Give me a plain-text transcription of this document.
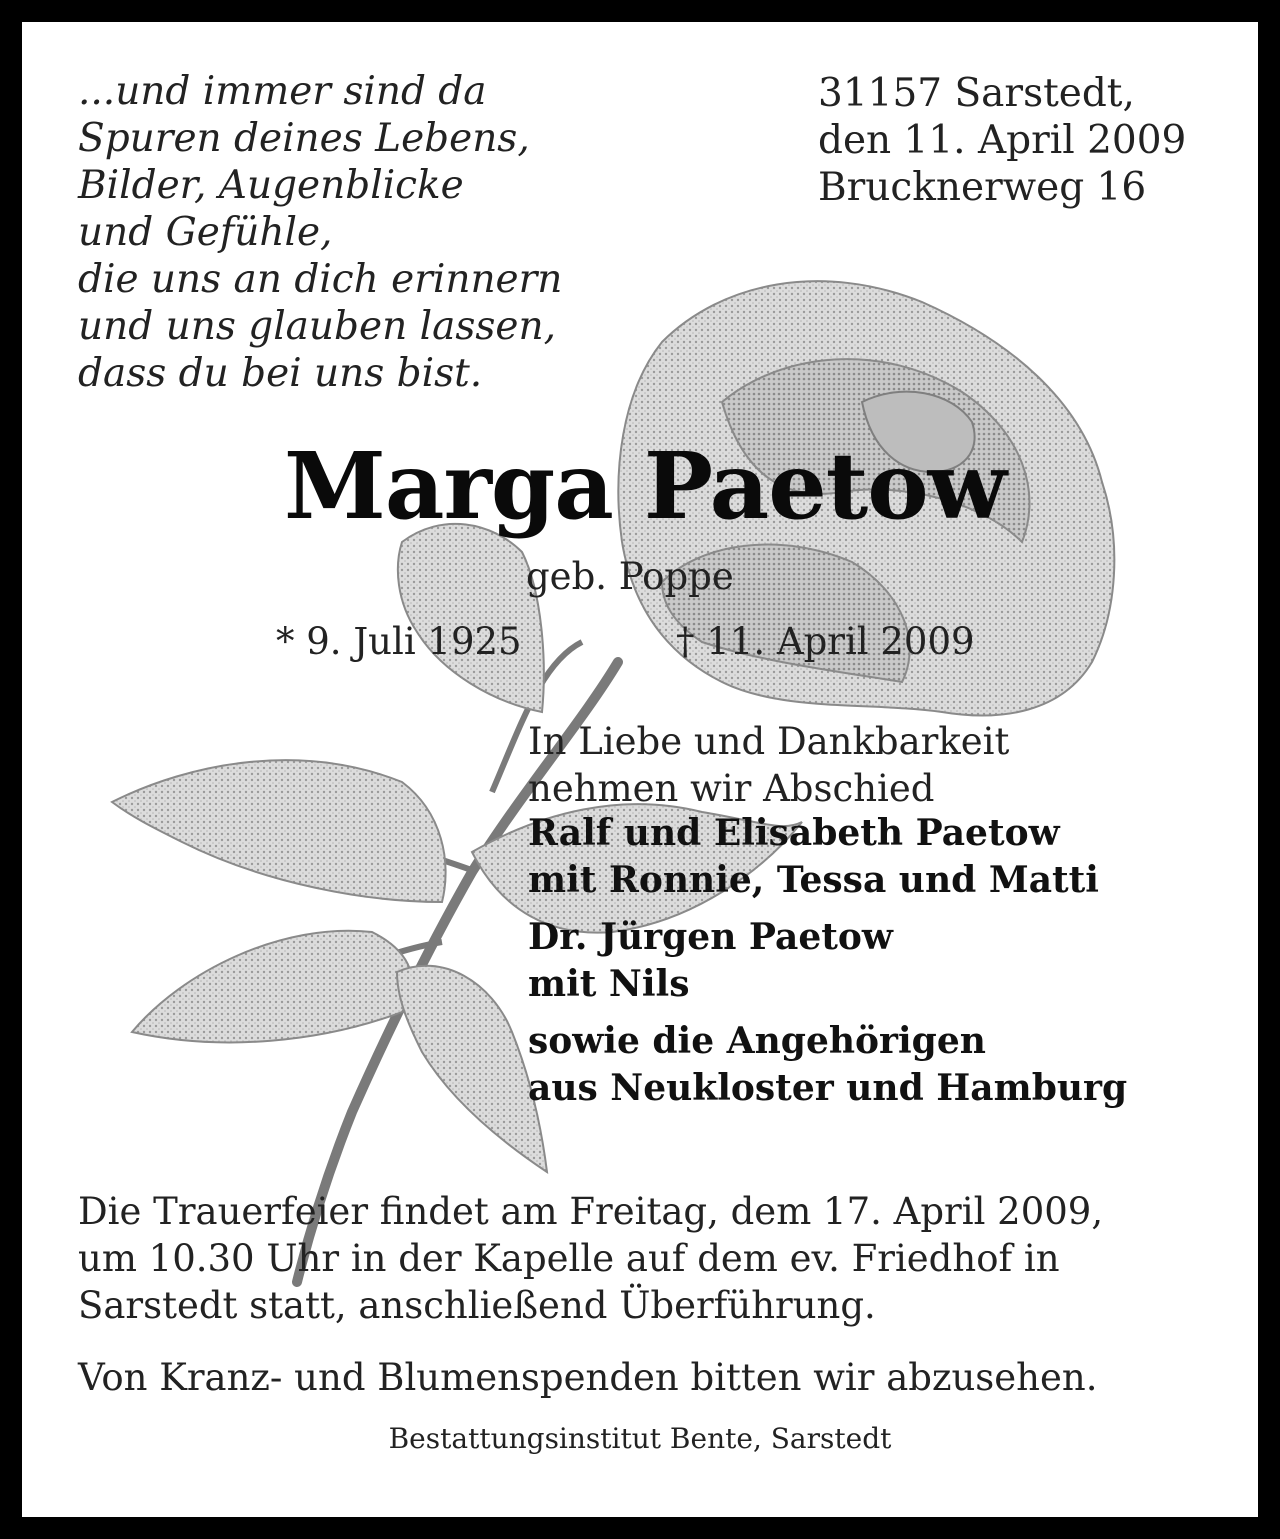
...und immer sind da
Spuren deines Lebens,
Bilder, Augenblicke
und Gefühle,
die uns an dich erinnern
und uns glauben lassen,
dass du bei uns bist.
31157 Sarstedt,
den 11. April 2009
Brucknerweg 16
Marga Paetow
geb. Poppe
* 9. Juli 1925	† 11. April 2009
In Liebe und Dankbarkeit
nehmen wir Abschied
Ralf und Elisabeth Paetow
mit Ronnie, Tessa und Matti
Dr. Jürgen Paetow
mit Nils
sowie die Angehörigen
aus Neukloster und Hamburg
Die Trauerfeier findet am Freitag, dem 17. April 2009,
um 10.30 Uhr in der Kapelle auf dem ev. Friedhof in
Sarstedt statt, anschließend Überführung.
Von Kranz- und Blumenspenden bitten wir abzusehen.
Bestattungsinstitut Bente, Sarstedt
